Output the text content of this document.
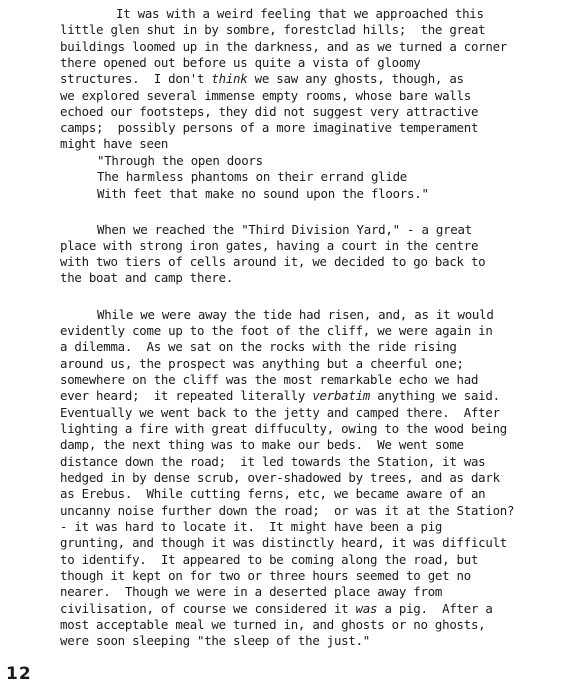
It was with a weird feeling that we approached this
little glen shut in by sombre, forestclad hills;  the great
buildings loomed up in the darkness, and as we turned a corner
there opened out before us quite a vista of gloomy
structures.  I don't think we saw any ghosts, though, as
we explored several immense empty rooms, whose bare walls
echoed our footsteps, they did not suggest very attractive
camps;  possibly persons of a more imaginative temperament
might have seen
"Through the open doors
The harmless phantoms on their errand glide
With feet that make no sound upon the floors."
When we reached the "Third Division Yard," - a great
place with strong iron gates, having a court in the centre
with two tiers of cells around it, we decided to go back to
the boat and camp there.
While we were away the tide had risen, and, as it would
evidently come up to the foot of the cliff, we were again in
a dilemma.  As we sat on the rocks with the ride rising
around us, the prospect was anything but a cheerful one;
somewhere on the cliff was the most remarkable echo we had
ever heard;  it repeated literally verbatim anything we said.
Eventually we went back to the jetty and camped there.  After
lighting a fire with great diffuculty, owing to the wood being
damp, the next thing was to make our beds.  We went some
distance down the road;  it led towards the Station, it was
hedged in by dense scrub, over-shadowed by trees, and as dark
as Erebus.  While cutting ferns, etc, we became aware of an
uncanny noise further down the road;  or was it at the Station?
- it was hard to locate it.  It might have been a pig
grunting, and though it was distinctly heard, it was difficult
to identify.  It appeared to be coming along the road, but
though it kept on for two or three hours seemed to get no
nearer.  Though we were in a deserted place away from
civilisation, of course we considered it was a pig.  After a
most acceptable meal we turned in, and ghosts or no ghosts,
were soon sleeping "the sleep of the just."
12
